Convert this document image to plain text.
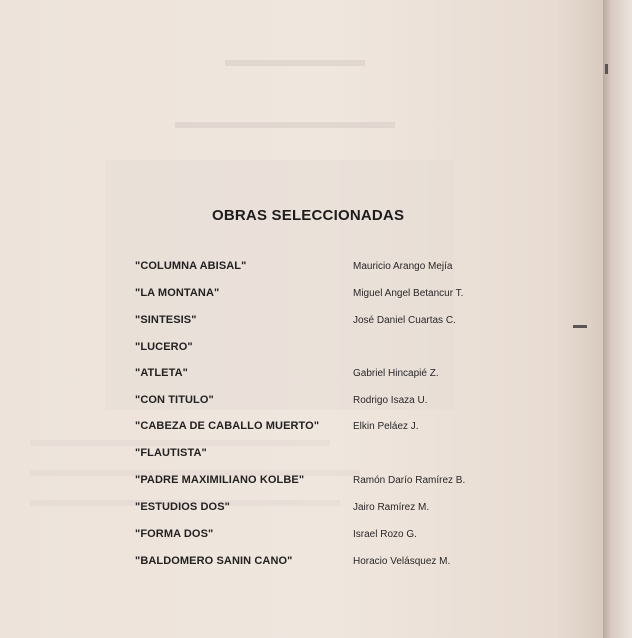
OBRAS SELECCIONADAS
"COLUMNA ABISAL"	Mauricio Arango Mejía
"LA MONTANA"	Miguel Angel Betancur T.
"SINTESIS"	José Daniel Cuartas C.
"LUCERO"
"ATLETA"	Gabriel Hincapié Z.
"CON TITULO"	Rodrigo Isaza U.
"CABEZA DE CABALLO MUERTO"	Elkin Peláez J.
"FLAUTISTA"
"PADRE MAXIMILIANO KOLBE"	Ramón Darío Ramírez B.
"ESTUDIOS DOS"	Jairo Ramírez M.
"FORMA DOS"	Israel Rozo G.
"BALDOMERO SANIN CANO"	Horacio Velásquez M.
